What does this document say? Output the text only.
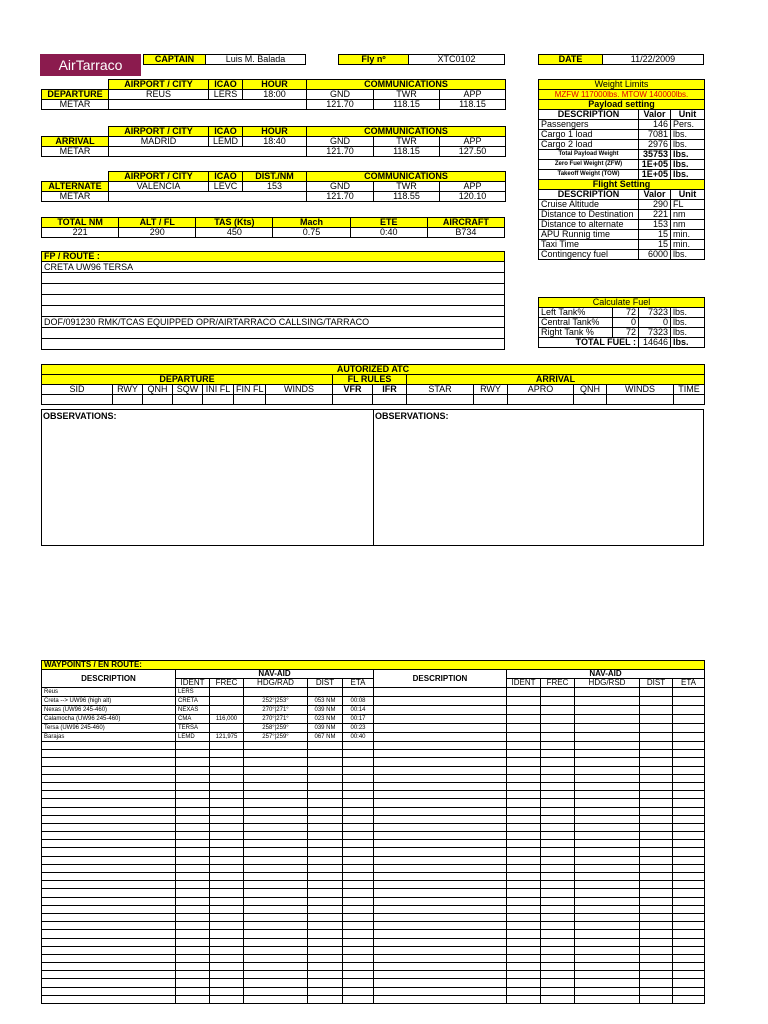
AirTarraco	CAPTAIN	Luis M. Balada	Fly nº	XTC0102	DATE	11/22/2009
	AIRPORT / CITY	ICAO	HOUR	COMMUNICATIONS		
DEPARTURE	REUS	LERS	18:00	GND	TWR	APP
METAR				121.70	118.15	118.15
	AIRPORT / CITY	ICAO	HOUR	COMMUNICATIONS		
ARRIVAL	MADRID	LEMD	18:40	GND	TWR	APP
METAR				121.70	118.15	127.50
	AIRPORT / CITY	ICAO	DIST./NM	COMMUNICATIONS		
ALTERNATE	VALENCIA	LEVC	153	GND	TWR	APP
METAR				121.70	118.55	120.10
TOTAL NM	ALT / FL	TAS (Kts)	Mach	ETE	AIRCRAFT
221	290	450	0.75	0:40	B734
FP / ROUTE :
CRETA UW96 TERSA

DOF/091230 RMK/TCAS EQUIPPED OPR/AIRTARRACO CALLSING/TARRACO

Weight Limits		
MZFW 117000lbs. MTOW 140000lbs.		
Payload setting		
DESCRIPTION	Valor	Unit
Passengers	146	Pers.
Cargo 1 load	7081	lbs.
Cargo 2 load	2976	lbs.
Total Payload Weight	35753	lbs.
Zero Fuel Weight (ZFW)	1E+05	lbs.
Takeoff Weight (TOW)	1E+05	lbs.
Flight Setting		
DESCRIPTION	Valor	Unit
Cruise Altitude	290	FL
Distance to Destination	221	nm
Distance to alternate	153	nm
APU Runnig time	15	min.
Taxi Time	15	min.
Contingency fuel	6000	lbs.
Calculate Fuel			
Left Tank%	72	7323	lbs.
Central Tank%	0	0	lbs.
Right Tank %	72	7323	lbs.
TOTAL FUEL :		14646	lbs.
AUTORIZED ATC														
DEPARTURE							FL RULES		ARRIVAL					
SID	RWY	QNH	SQW	INI FL	FIN FL	WINDS	VFR	IFR	STAR	RWY	APRO	QNH	WINDS	TIME

OBSERVATIONS:	OBSERVATIONS:
WAYPOINTS / EN ROUTE:											
DESCRIPTION	NAV-AID					DESCRIPTION	NAV-AID				
	IDENT	FREC	HDG/RAD	DIST	ETA		IDENT	FREC	HDG/RSD	DIST	ETA
Reus	LERS										
Creta --> UW96 (high alt)	CRETA		252°|253°	053 NM	00:08						
Nexas (UW96 245-460)	NEXAS		270°|271°	039 NM	00:14						
Calamocha (UW96 245-460)	CMA	116,000	270°|271°	023 NM	00:17						
Tersa (UW96 245-460)	TERSA		258°|259°	039 NM	00:23						
Barajas	LEMD	121,975	257°|259°	067 NM	00:40						
